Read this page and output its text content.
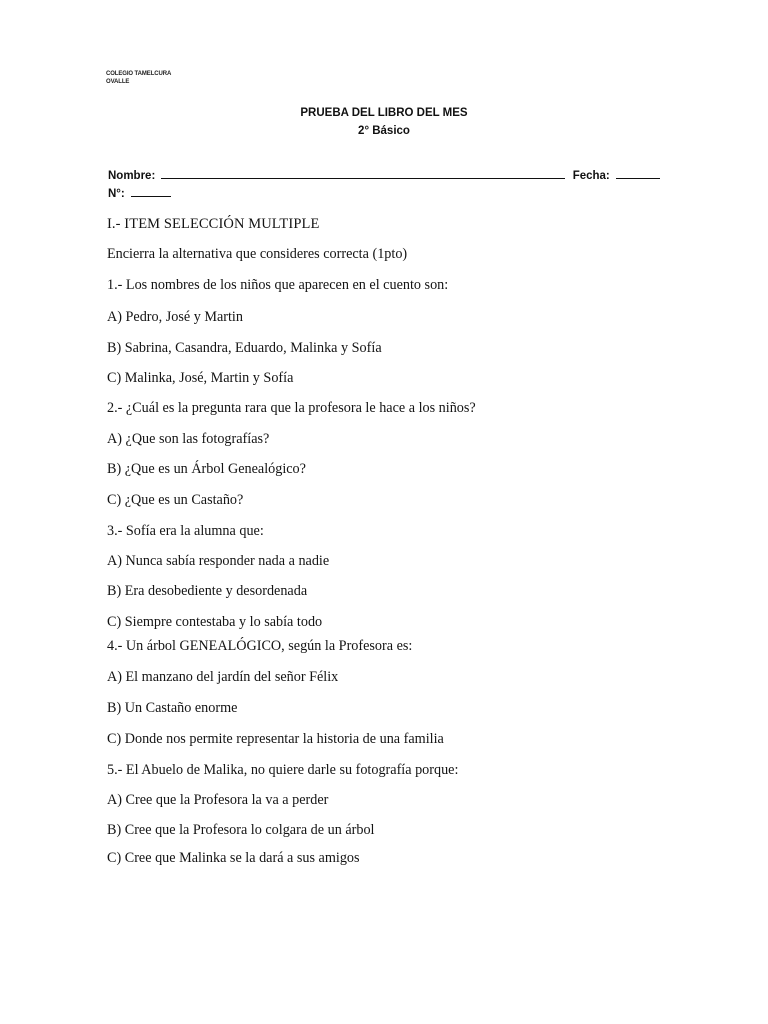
COLEGIO TAMELCURA
OVALLE
PRUEBA DEL LIBRO DEL MES
2° Básico
Nombre:	Fecha:
N°:
I.- ITEM SELECCIÓN MULTIPLE
Encierra la alternativa que consideres correcta (1pto)
1.- Los nombres de los niños que aparecen en el cuento son:
A) Pedro, José y Martin
B) Sabrina, Casandra, Eduardo, Malinka y Sofía
C) Malinka, José, Martin y Sofía
2.- ¿Cuál es la pregunta rara que la profesora le hace a los niños?
A) ¿Que son las fotografías?
B) ¿Que es un Árbol Genealógico?
C) ¿Que es un Castaño?
3.- Sofía era la alumna que:
A) Nunca sabía responder nada a nadie
B) Era desobediente y desordenada
C) Siempre contestaba y lo sabía todo
4.- Un árbol GENEALÓGICO, según la Profesora es:
A) El manzano del jardín del señor Félix
B) Un Castaño enorme
C) Donde nos permite representar la historia de una familia
5.- El Abuelo de Malika, no quiere darle su fotografía porque:
A) Cree que la Profesora la va a perder
B) Cree que la Profesora lo colgara de un árbol
C) Cree que Malinka se la dará a sus amigos
